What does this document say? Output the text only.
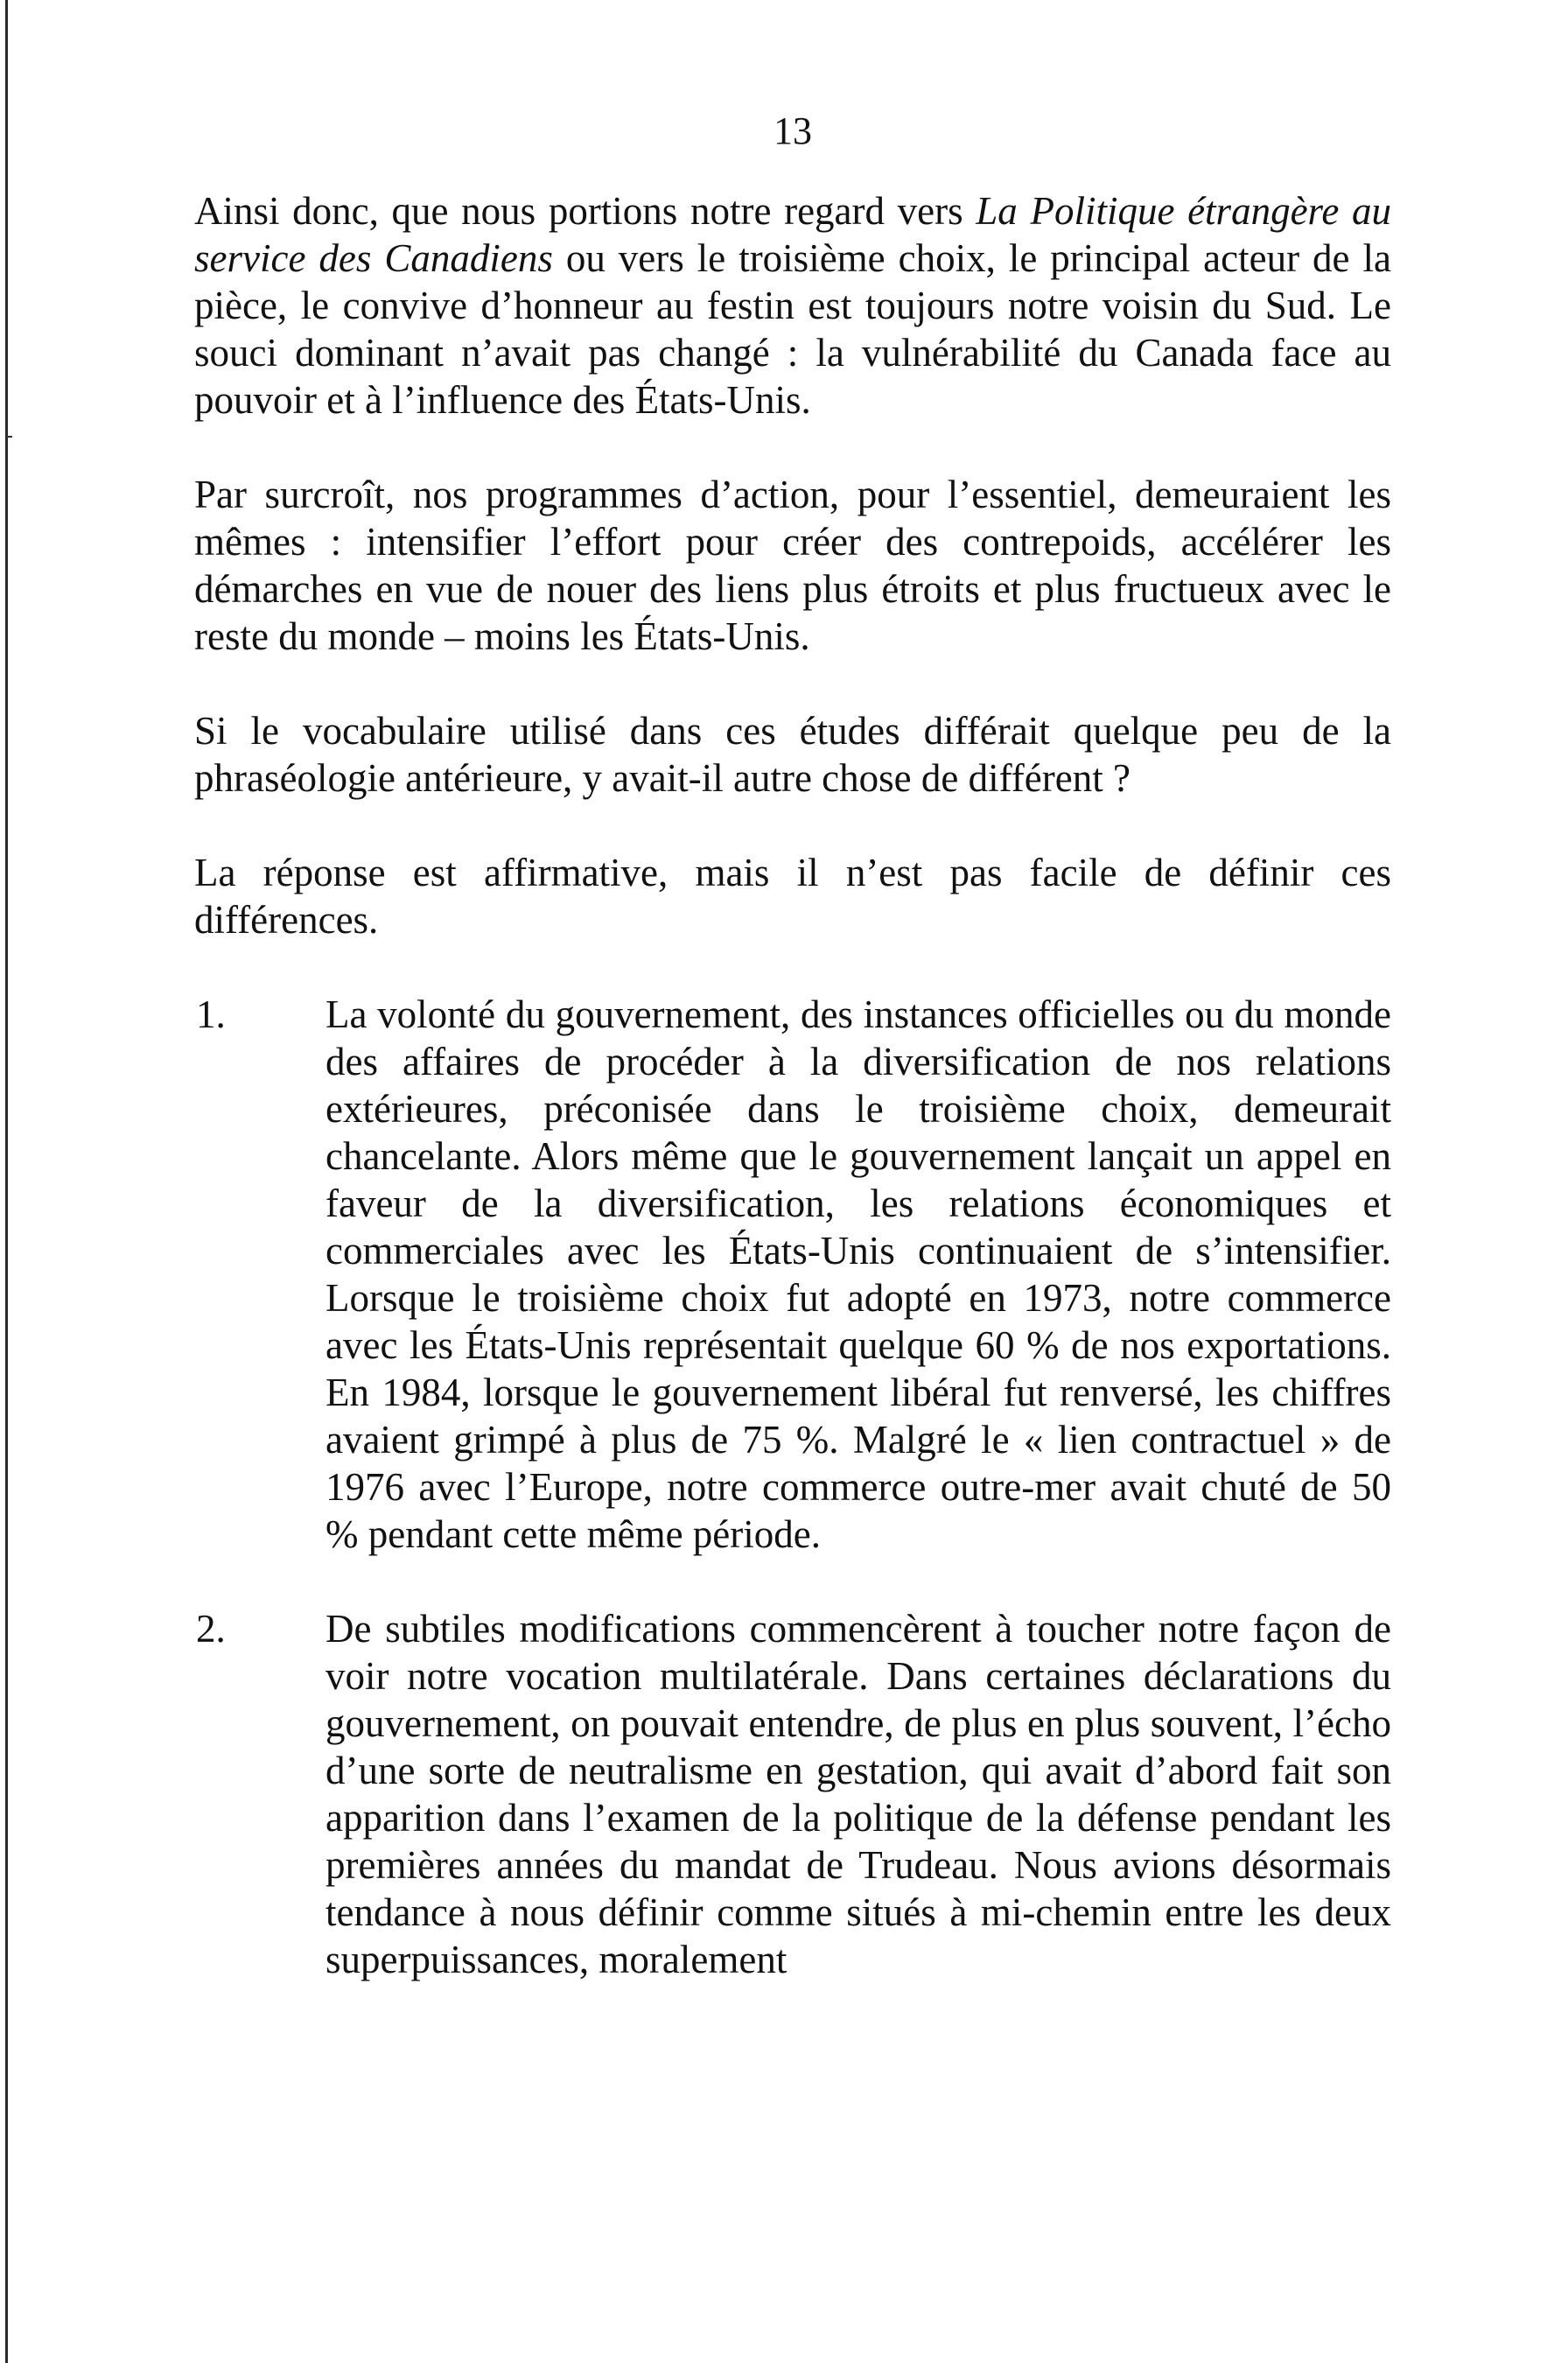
13

Ainsi donc, que nous portions notre regard vers La Politique étrangère au service des Canadiens ou vers le troisième choix, le principal acteur de la pièce, le convive d’honneur au festin est toujours notre voisin du Sud. Le souci dominant n’avait pas changé : la vulnérabilité du Canada face au pouvoir et à l’influence des États-Unis.

Par surcroît, nos programmes d’action, pour l’essentiel, demeuraient les mêmes : intensifier l’effort pour créer des contrepoids, accélérer les démarches en vue de nouer des liens plus étroits et plus fructueux avec le reste du monde – moins les États-Unis.

Si le vocabulaire utilisé dans ces études différait quelque peu de la phraséologie antérieure, y avait-il autre chose de différent ?

La réponse est affirmative, mais il n’est pas facile de définir ces différences.

1.	La volonté du gouvernement, des instances officielles ou du monde des affaires de procéder à la diversification de nos relations extérieures, préconisée dans le troisième choix, demeurait chancelante. Alors même que le gouvernement lançait un appel en faveur de la diversification, les relations économiques et commerciales avec les États-Unis continuaient de s’intensifier. Lorsque le troisième choix fut adopté en 1973, notre commerce avec les États-Unis représentait quelque 60 % de nos exportations. En 1984, lorsque le gouvernement libéral fut renversé, les chiffres avaient grimpé à plus de 75 %. Malgré le « lien contractuel » de 1976 avec l’Europe, notre commerce outre-mer avait chuté de 50 % pendant cette même période.

2.	De subtiles modifications commencèrent à toucher notre façon de voir notre vocation multilatérale. Dans certaines déclarations du gouvernement, on pouvait entendre, de plus en plus souvent, l’écho d’une sorte de neutralisme en gestation, qui avait d’abord fait son apparition dans l’examen de la politique de la défense pendant les premières années du mandat de Trudeau. Nous avions désormais tendance à nous définir comme situés à mi-chemin entre les deux superpuissances, moralement
